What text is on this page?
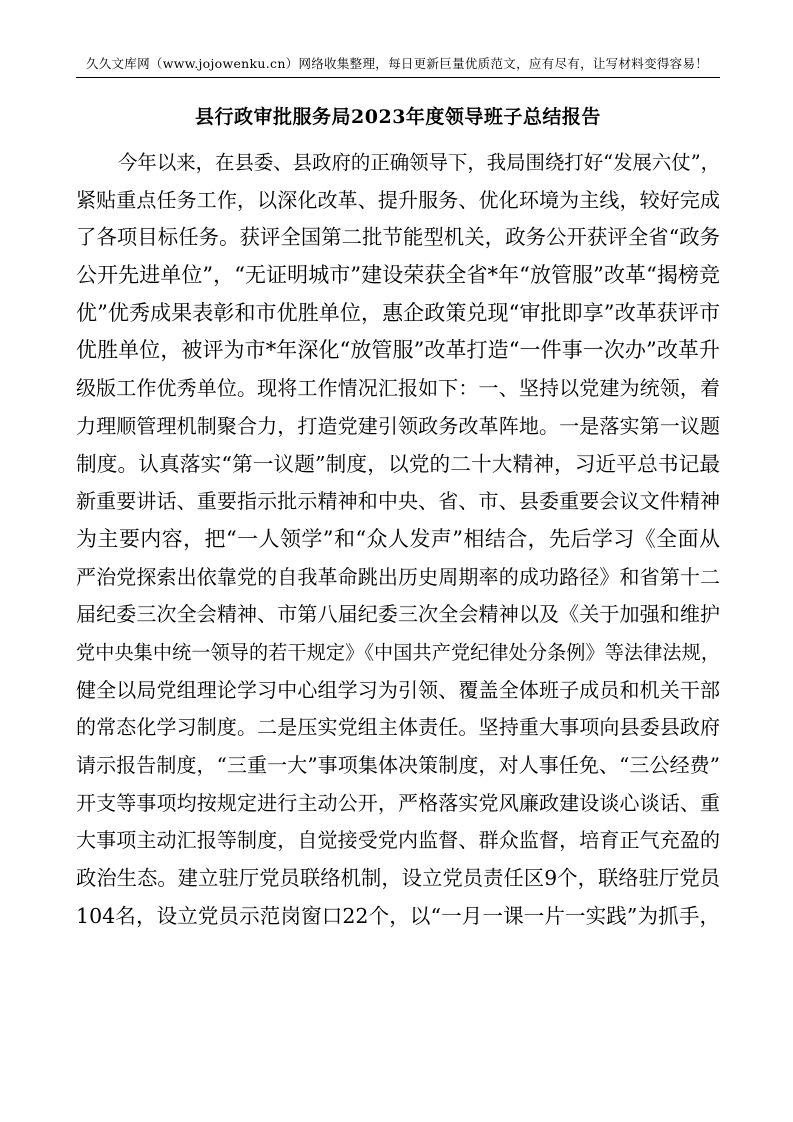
久久文库网（www.jojowenku.cn）网络收集整理，每日更新巨量优质范文，应有尽有，让写材料变得容易！
县行政审批服务局2023年度领导班子总结报告
今年以来，在县委、县政府的正确领导下，我局围绕打好“发展六仗”，
紧贴重点任务工作，以深化改革、提升服务、优化环境为主线，较好完成
了各项目标任务。获评全国第二批节能型机关，政务公开获评全省“政务
公开先进单位”，“无证明城市”建设荣获全省*年“放管服”改革“揭榜竞
优”优秀成果表彰和市优胜单位，惠企政策兑现“审批即享”改革获评市
优胜单位，被评为市*年深化“放管服”改革打造“一件事一次办”改革升
级版工作优秀单位。现将工作情况汇报如下：一、坚持以党建为统领，着
力理顺管理机制聚合力，打造党建引领政务改革阵地。一是落实第一议题
制度。认真落实“第一议题”制度，以党的二十大精神，习近平总书记最
新重要讲话、重要指示批示精神和中央、省、市、县委重要会议文件精神
为主要内容，把“一人领学”和“众人发声”相结合，先后学习《全面从
严治党探索出依靠党的自我革命跳出历史周期率的成功路径》和省第十二
届纪委三次全会精神、市第八届纪委三次全会精神以及《关于加强和维护
党中央集中统一领导的若干规定》《中国共产党纪律处分条例》等法律法规，
健全以局党组理论学习中心组学习为引领、覆盖全体班子成员和机关干部
的常态化学习制度。二是压实党组主体责任。坚持重大事项向县委县政府
请示报告制度，“三重一大”事项集体决策制度，对人事任免、“三公经费”
开支等事项均按规定进行主动公开，严格落实党风廉政建设谈心谈话、重
大事项主动汇报等制度，自觉接受党内监督、群众监督，培育正气充盈的
政治生态。建立驻厅党员联络机制，设立党员责任区9个，联络驻厅党员
104名，设立党员示范岗窗口22个，以“一月一课一片一实践”为抓手，
